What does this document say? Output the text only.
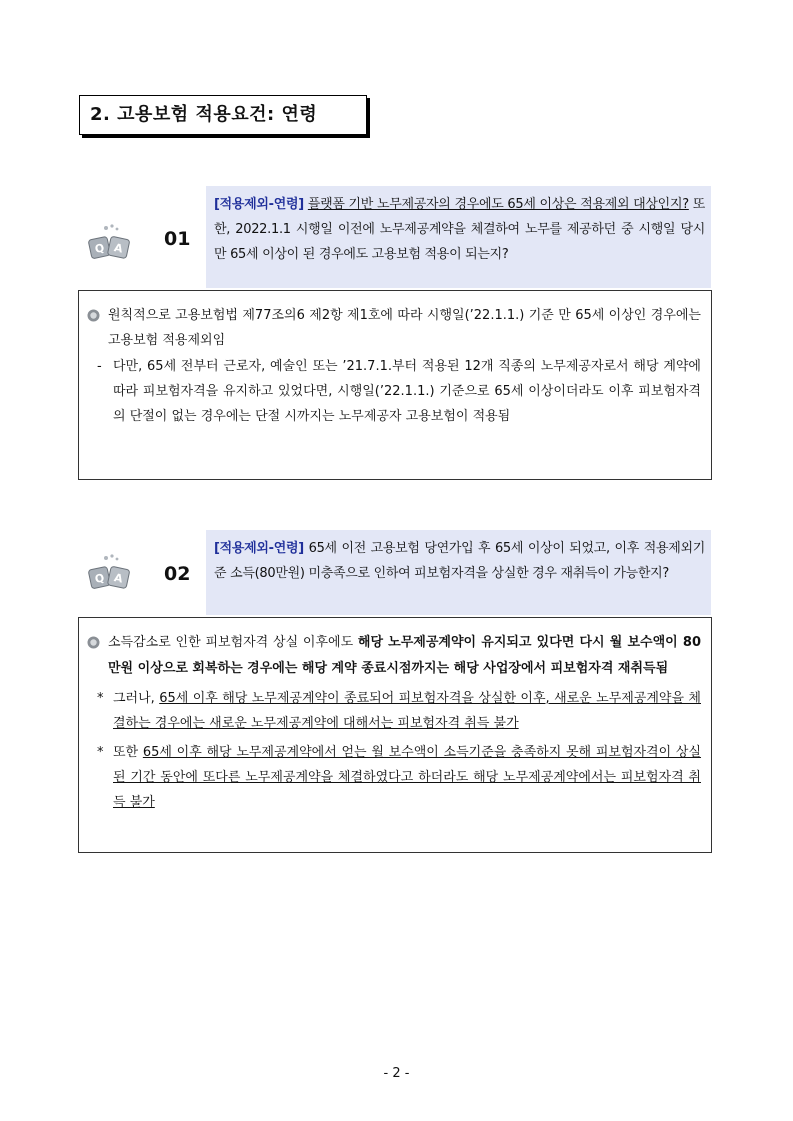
2. 고용보험 적용요건: 연령
Q A 01
[적용제외-연령] 플랫폼 기반 노무제공자의 경우에도 65세 이상은 적용제외 대상인지? 또한, 2022.1.1 시행일 이전에 노무제공계약을 체결하여 노무를 제공하던 중 시행일 당시 만 65세 이상이 된 경우에도 고용보험 적용이 되는지?
원칙적으로 고용보험법 제77조의6 제2항 제1호에 따라 시행일(’22.1.1.) 기준 만 65세 이상인 경우에는 고용보험 적용제외임
- 다만, 65세 전부터 근로자, 예술인 또는 ’21.7.1.부터 적용된 12개 직종의 노무제공자로서 해당 계약에 따라 피보험자격을 유지하고 있었다면, 시행일(’22.1.1.) 기준으로 65세 이상이더라도 이후 피보험자격의 단절이 없는 경우에는 단절 시까지는 노무제공자 고용보험이 적용됨
Q A 02
[적용제외-연령] 65세 이전 고용보험 당연가입 후 65세 이상이 되었고, 이후 적용제외기준 소득(80만원) 미충족으로 인하여 피보험자격을 상실한 경우 재취득이 가능한지?
소득감소로 인한 피보험자격 상실 이후에도 해당 노무제공계약이 유지되고 있다면 다시 월 보수액이 80만원 이상으로 회복하는 경우에는 해당 계약 종료시점까지는 해당 사업장에서 피보험자격 재취득됨
* 그러나, 65세 이후 해당 노무제공계약이 종료되어 피보험자격을 상실한 이후, 새로운 노무제공계약을 체결하는 경우에는 새로운 노무제공계약에 대해서는 피보험자격 취득 불가
* 또한 65세 이후 해당 노무제공계약에서 얻는 월 보수액이 소득기준을 충족하지 못해 피보험자격이 상실된 기간 동안에 또다른 노무제공계약을 체결하였다고 하더라도 해당 노무제공계약에서는 피보험자격 취득 불가
- 2 -
